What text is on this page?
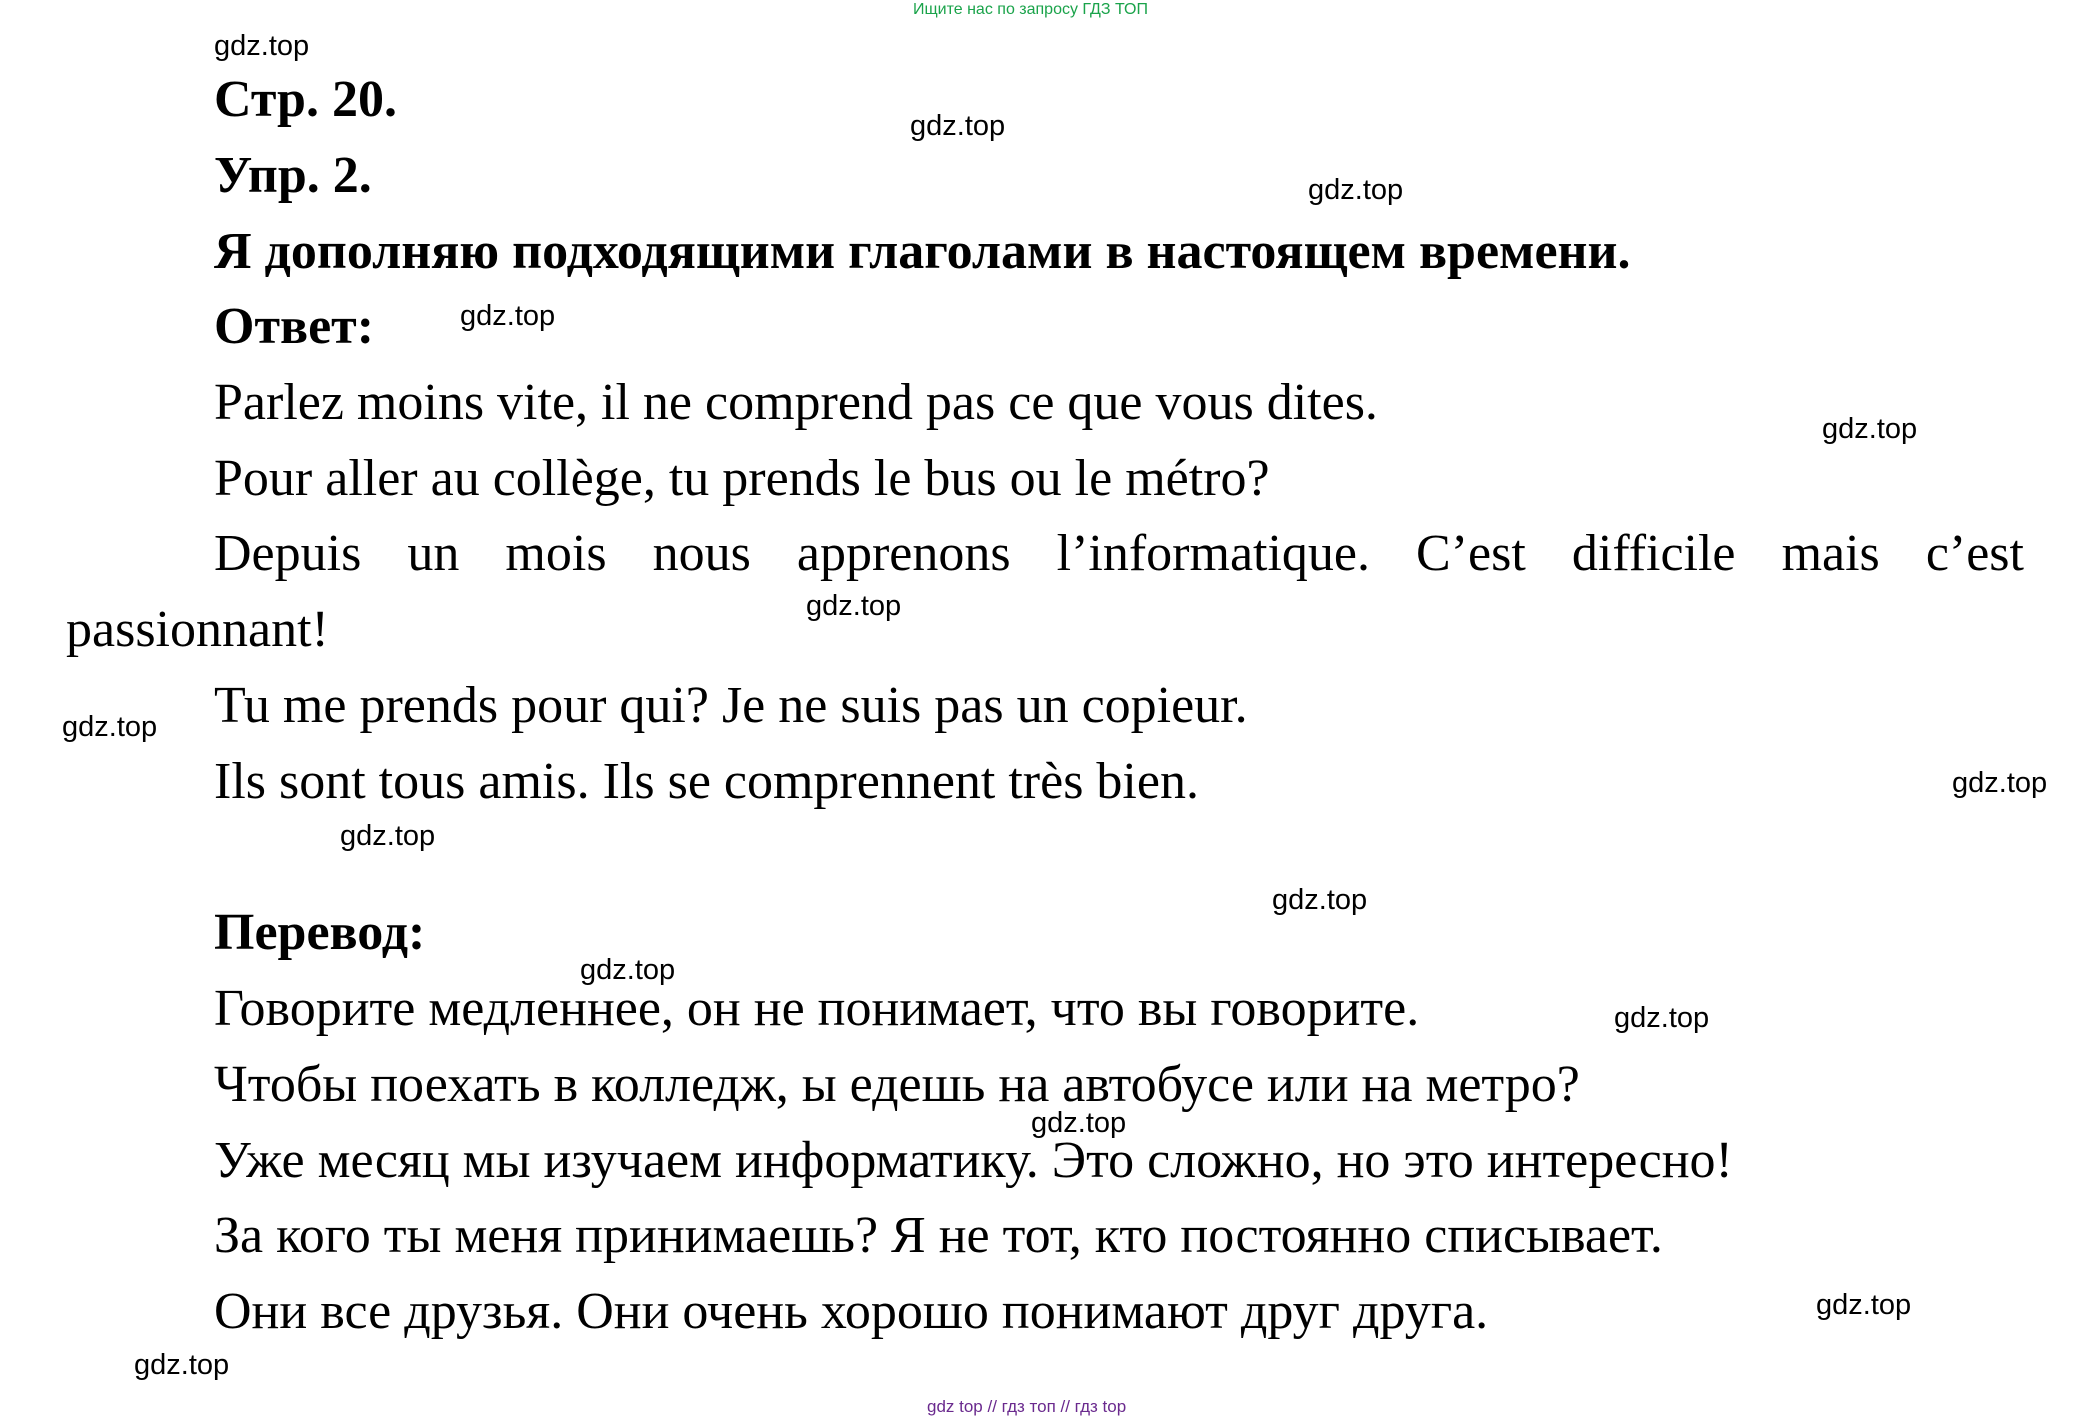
Ищите нас по запросу ГДЗ ТОП
gdz top // гдз топ // гдз top
Стр. 20.
Упр. 2.
Я дополняю подходящими глаголами в настоящем времени.
Ответ:
Parlez moins vite, il ne comprend pas ce que vous dites.
Pour aller au collège, tu prends le bus ou le métro?
Depuis un mois nous apprenons l’informatique. C’est difficile mais c’est
passionnant!
Tu me prends pour qui? Je ne suis pas un copieur.
Ils sont tous amis. Ils se comprennent très bien.
Перевод:
Говорите медленнее, он не понимает, что вы говорите.
Чтобы поехать в колледж, ы едешь на автобусе или на метро?
Уже месяц мы изучаем информатику. Это сложно, но это интересно!
За кого ты меня принимаешь? Я не тот, кто постоянно списывает.
Они все друзья. Они очень хорошо понимают друг друга.
gdz.top
gdz.top
gdz.top
gdz.top
gdz.top
gdz.top
gdz.top
gdz.top
gdz.top
gdz.top
gdz.top
gdz.top
gdz.top
gdz.top
gdz.top
